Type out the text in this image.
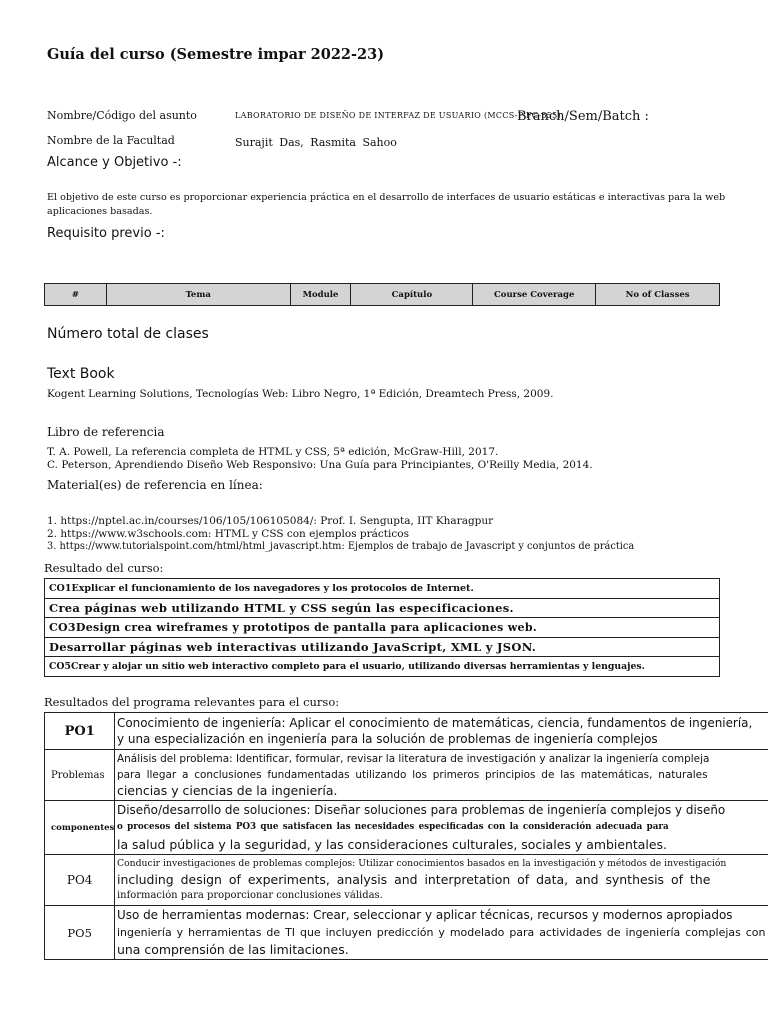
Guía del curso (Semestre impar 2022-23)
Nombre/Código del asunto	LABORATORIO DE DISEÑO DE INTERFAZ DE USUARIO (MCCS-P-FC-555)
Branch/Sem/Batch :
Nombre de la Facultad	Surajit Das, Rasmita Sahoo
Alcance y Objetivo -:
El objetivo de este curso es proporcionar experiencia práctica en el desarrollo de interfaces de usuario estáticas e interactivas para la web
aplicaciones basadas.
Requisito previo -:
#	Tema	Module	Capítulo	Course Coverage	No of Classes
Número total de clases
Text Book
Kogent Learning Solutions, Tecnologías Web: Libro Negro, 1ª Edición, Dreamtech Press, 2009.
Libro de referencia
T. A. Powell, La referencia completa de HTML y CSS, 5ª edición, McGraw-Hill, 2017.
C. Peterson, Aprendiendo Diseño Web Responsivo: Una Guía para Principiantes, O'Reilly Media, 2014.
Material(es) de referencia en línea:
1. https://nptel.ac.in/courses/106/105/106105084/: Prof. I. Sengupta, IIT Kharagpur
2. https://www.w3schools.com: HTML y CSS con ejemplos prácticos
3. https://www.tutorialspoint.com/html/html_javascript.htm: Ejemplos de trabajo de Javascript y conjuntos de práctica
Resultado del curso:
CO1Explicar el funcionamiento de los navegadores y los protocolos de Internet.
Crea páginas web utilizando HTML y CSS según las especificaciones.
CO3Design crea wireframes y prototipos de pantalla para aplicaciones web.
Desarrollar páginas web interactivas utilizando JavaScript, XML y JSON.
CO5Crear y alojar un sitio web interactivo completo para el usuario, utilizando diversas herramientas y lenguajes.
Resultados del programa relevantes para el curso:
PO1	Conocimiento de ingeniería: Aplicar el conocimiento de matemáticas, ciencia, fundamentos de ingeniería,
y una especialización en ingeniería para la solución de problemas de ingeniería complejos

Problemas	Análisis del problema: Identificar, formular, revisar la literatura de investigación y analizar la ingeniería compleja
para llegar a conclusiones fundamentadas utilizando los primeros principios de las matemáticas, naturales
ciencias y ciencias de la ingeniería.

componentes	Diseño/desarrollo de soluciones: Diseñar soluciones para problemas de ingeniería complejos y diseño
o procesos del sistema PO3 que satisfacen las necesidades especificadas con la consideración adecuada para
la salud pública y la seguridad, y las consideraciones culturales, sociales y ambientales.

PO4	Conducir investigaciones de problemas complejos: Utilizar conocimientos basados en la investigación y métodos de investigación
including design of experiments, analysis and interpretation of data, and synthesis of the
información para proporcionar conclusiones válidas.

PO5	Uso de herramientas modernas: Crear, seleccionar y aplicar técnicas, recursos y modernos apropiados
ingeniería y herramientas de TI que incluyen predicción y modelado para actividades de ingeniería complejas con
una comprensión de las limitaciones.
